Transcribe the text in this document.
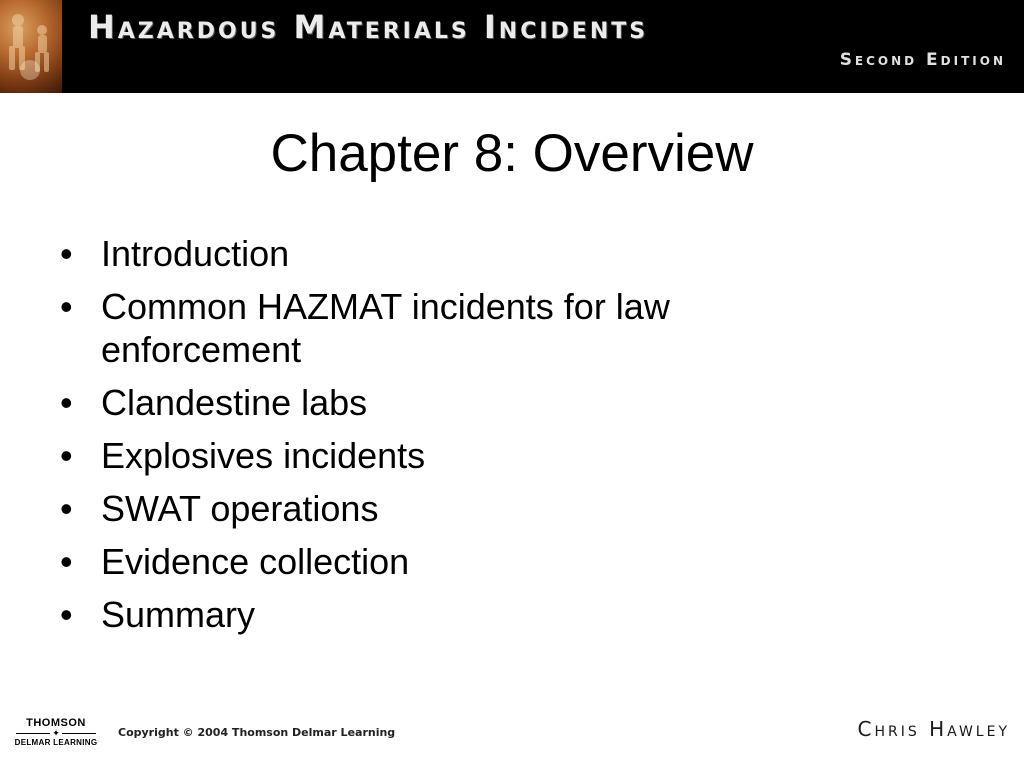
Hazardous Materials Incidents
Second Edition
Chapter 8: Overview
• Introduction
• Common HAZMAT incidents for law enforcement
• Clandestine labs
• Explosives incidents
• SWAT operations
• Evidence collection
• Summary
THOMSON
✦
DELMAR LEARNING
Copyright © 2004 Thomson Delmar Learning	Chris Hawley
